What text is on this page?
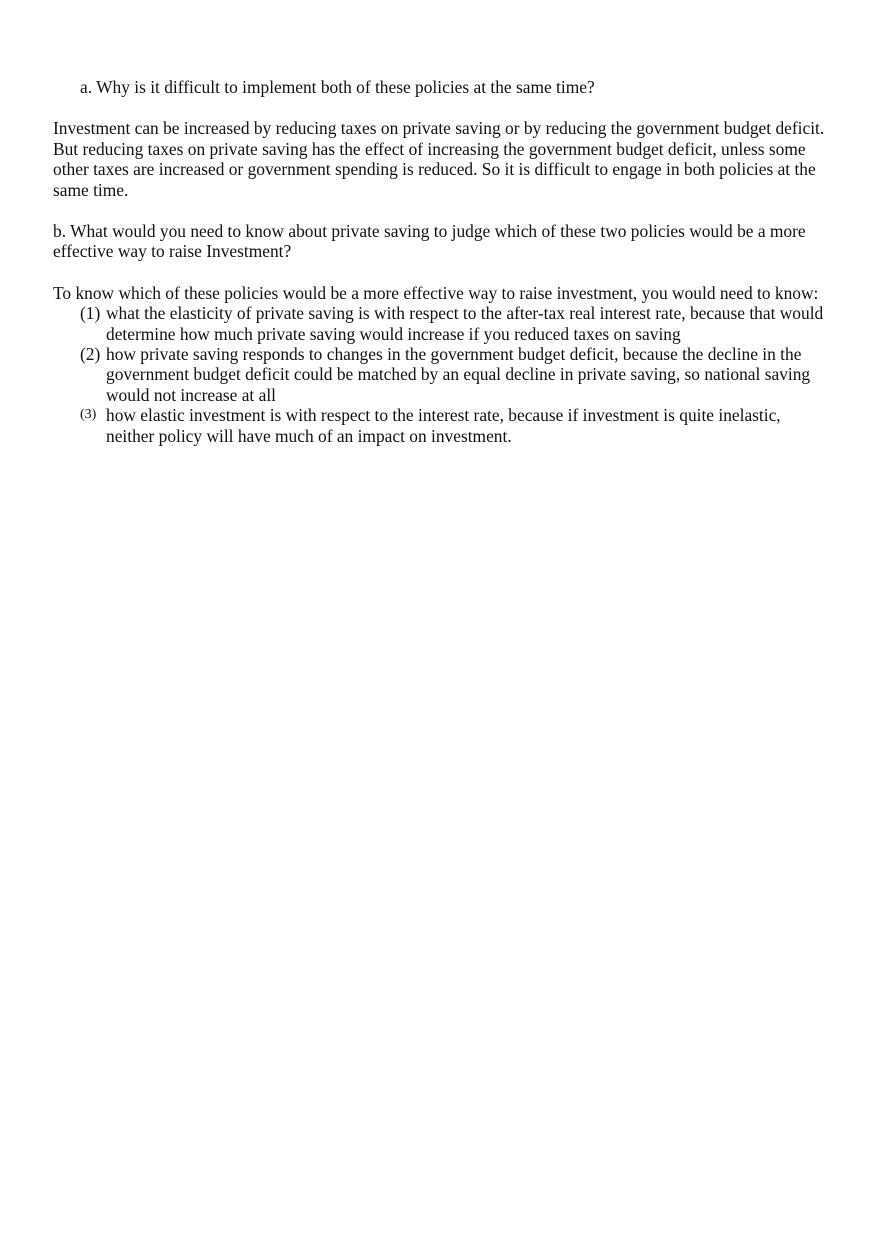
a. Why is it difficult to implement both of these policies at the same time?

Investment can be increased by reducing taxes on private saving or by reducing the government budget deficit. But reducing taxes on private saving has the effect of increasing the government budget deficit, unless some other taxes are increased or government spending is reduced. So it is difficult to engage in both policies at the same time.

b. What would you need to know about private saving to judge which of these two policies would be a more effective way to raise Investment?

To know which of these policies would be a more effective way to raise investment, you would need to know:

(1) what the elasticity of private saving is with respect to the after-tax real interest rate, because that would determine how much private saving would increase if you reduced taxes on saving
(2) how private saving responds to changes in the government budget deficit, because the decline in the government budget deficit could be matched by an equal decline in private saving, so national saving would not increase at all
(3) how elastic investment is with respect to the interest rate, because if investment is quite inelastic, neither policy will have much of an impact on investment.
